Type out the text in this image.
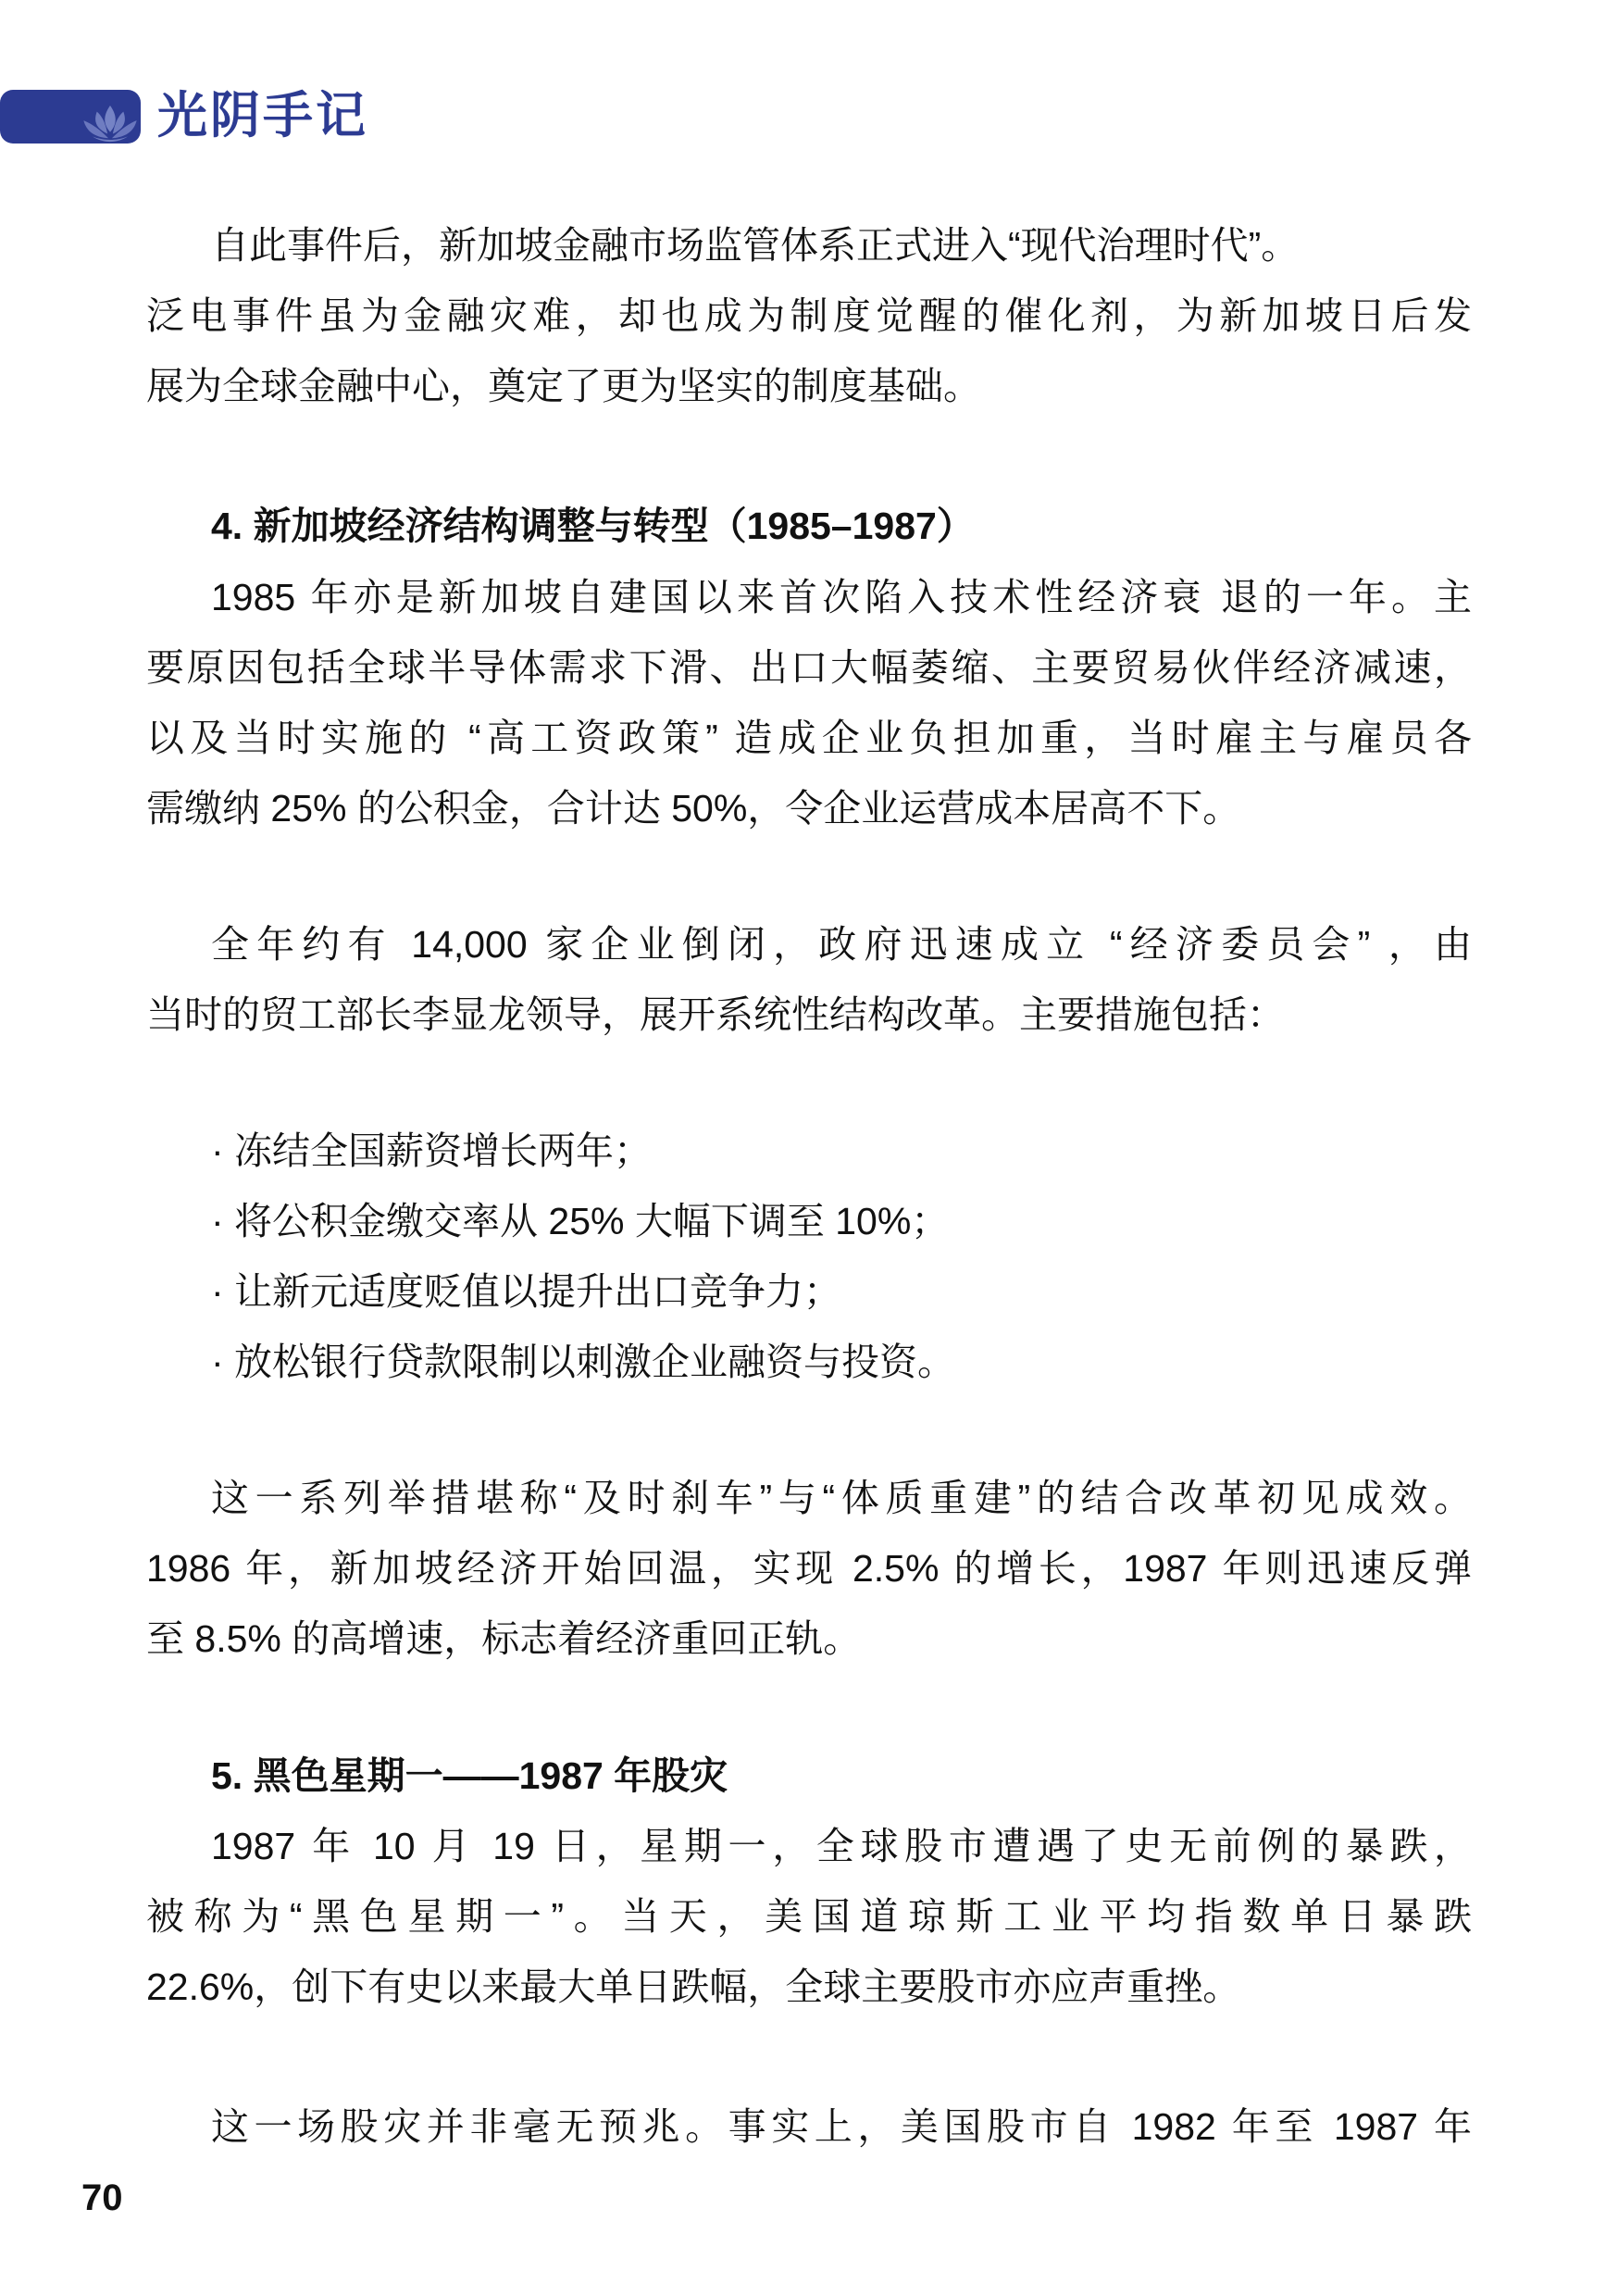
光阴手记
自此事件后，新加坡金融市场监管体系正式进入“现代治理时代”。
泛电事件虽为金融灾难，却也成为制度觉醒的催化剂，为新加坡日后发
展为全球金融中心，奠定了更为坚实的制度基础。
4. 新加坡经济结构调整与转型（1985–1987）
1985 年亦是新加坡自建国以来首次陷入技术性经济衰 退的一年。主
要原因包括全球半导体需求下滑、出口大幅萎缩、主要贸易伙伴经济减速，
以及当时实施的 “高工资政策” 造成企业负担加重，当时雇主与雇员各
需缴纳 25% 的公积金，合计达 50%，令企业运营成本居高不下。
全年约有 14,000 家企业倒闭，政府迅速成立 “经济委员会” ，由
当时的贸工部长李显龙领导，展开系统性结构改革。主要措施包括：
· 冻结全国薪资增长两年；
· 将公积金缴交率从 25% 大幅下调至 10%；
· 让新元适度贬值以提升出口竞争力；
· 放松银行贷款限制以刺激企业融资与投资。
这一系列举措堪称“及时刹车”与“体质重建”的结合改革初见成效。
1986 年，新加坡经济开始回温，实现 2.5% 的增长，1987 年则迅速反弹
至 8.5% 的高增速，标志着经济重回正轨。
5. 黑色星期一——1987 年股灾
1987 年 10 月 19 日，星期一，全球股市遭遇了史无前例的暴跌，
被称为“黑色星期一”。当天，美国道琼斯工业平均指数单日暴跌
22.6%，创下有史以来最大单日跌幅，全球主要股市亦应声重挫。
这一场股灾并非毫无预兆。事实上，美国股市自 1982 年至 1987 年
70
